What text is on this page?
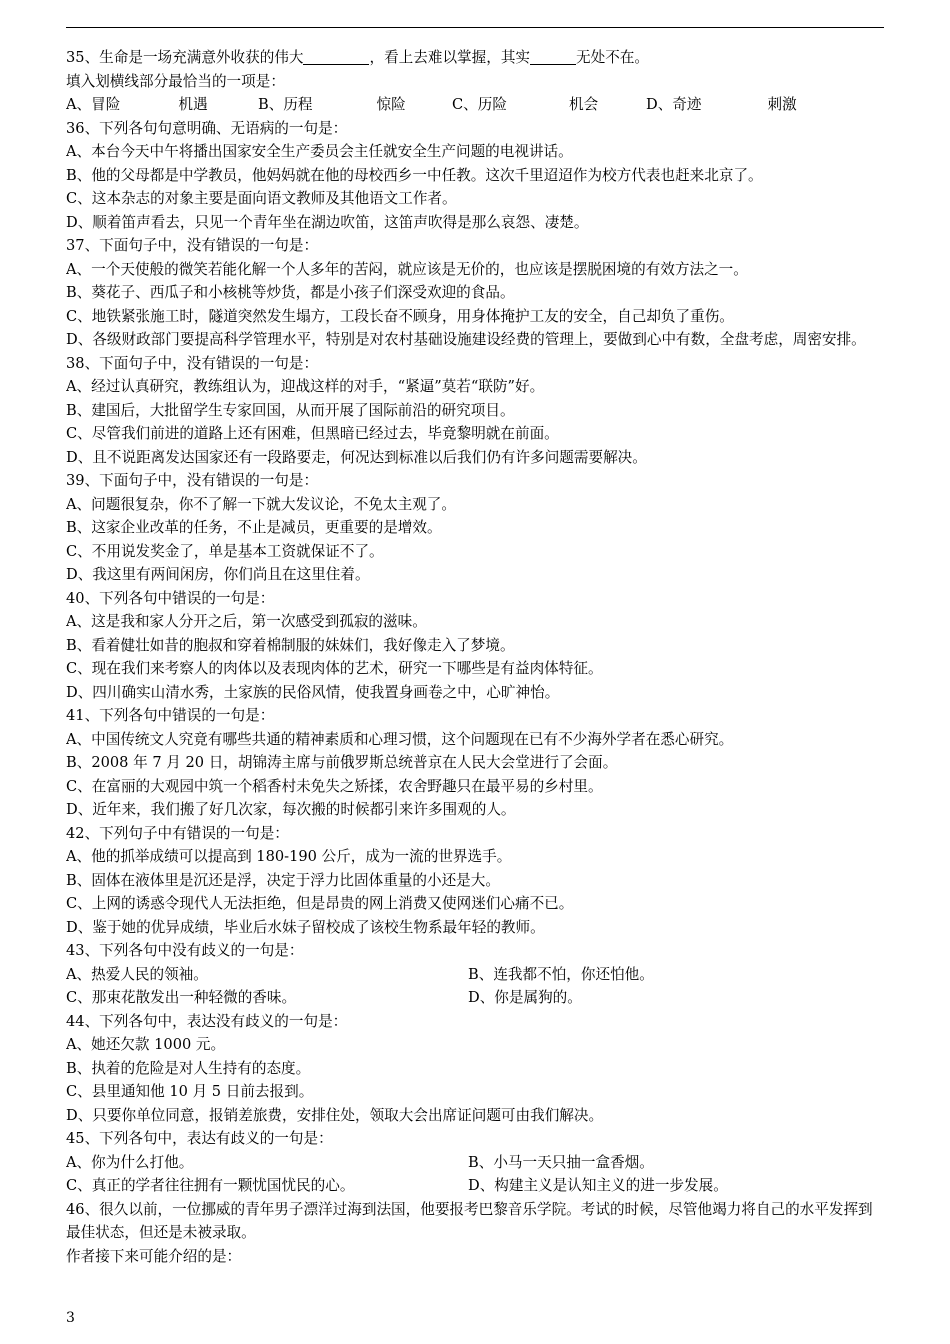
35、生命是一场充满意外收获的伟大	，看上去难以掌握，其实	无处不在。
填入划横线部分最恰当的一项是：
A、 冒险	机遇	B、 历程	惊险	C、 历险	机会	D、 奇迹	刺激
36、下列各句句意明确、无语病的一句是：
A、本台今天中午将播出国家安全生产委员会主任就安全生产问题的电视讲话。
B、他的父母都是中学教员，他妈妈就在他的母校西乡一中任教。这次千里迢迢作为校方代表也赶来北京了。
C、这本杂志的对象主要是面向语文教师及其他语文工作者。
D、顺着笛声看去，只见一个青年坐在湖边吹笛，这笛声吹得是那么哀怨、凄楚。
37、下面句子中，没有错误的一句是：
A、一个天使般的微笑若能化解一个人多年的苦闷，就应该是无价的，也应该是摆脱困境的有效方法之一。
B、葵花子、西瓜子和小核桃等炒货，都是小孩子们深受欢迎的食品。
C、地铁紧张施工时，隧道突然发生塌方，工段长奋不顾身，用身体掩护工友的安全，自己却负了重伤。
D、各级财政部门要提高科学管理水平，特别是对农村基础设施建设经费的管理上，要做到心中有数，全盘考虑，周密安排。
38、下面句子中，没有错误的一句是：
A、经过认真研究，教练组认为，迎战这样的对手，“紧逼”莫若“联防”好。
B、建国后，大批留学生专家回国，从而开展了国际前沿的研究项目。
C、尽管我们前进的道路上还有困难，但黑暗已经过去，毕竟黎明就在前面。
D、且不说距离发达国家还有一段路要走，何况达到标准以后我们仍有许多问题需要解决。
39、下面句子中，没有错误的一句是：
A、问题很复杂，你不了解一下就大发议论，不免太主观了。
B、这家企业改革的任务，不止是减员，更重要的是增效。
C、不用说发奖金了，单是基本工资就保证不了。
D、我这里有两间闲房，你们尚且在这里住着。
40、下列各句中错误的一句是：
A、这是我和家人分开之后，第一次感受到孤寂的滋味。
B、看着健壮如昔的胞叔和穿着棉制服的妹妹们，我好像走入了梦境。
C、现在我们来考察人的肉体以及表现肉体的艺术，研究一下哪些是有益肉体特征。
D、四川确实山清水秀，土家族的民俗风情，使我置身画卷之中，心旷神怡。
41、下列各句中错误的一句是：
A、中国传统文人究竟有哪些共通的精神素质和心理习惯，这个问题现在已有不少海外学者在悉心研究。
B、2008 年 7 月 20 日，胡锦涛主席与前俄罗斯总统普京在人民大会堂进行了会面。
C、在富丽的大观园中筑一个稻香村未免失之矫揉，农舍野趣只在最平易的乡村里。
D、近年来，我们搬了好几次家，每次搬的时候都引来许多围观的人。
42、下列句子中有错误的一句是：
A、他的抓举成绩可以提高到 180-190 公斤，成为一流的世界选手。
B、固体在液体里是沉还是浮，决定于浮力比固体重量的小还是大。
C、上网的诱惑令现代人无法拒绝，但是昂贵的网上消费又使网迷们心痛不已。
D、鉴于她的优异成绩，毕业后水妹子留校成了该校生物系最年轻的教师。
43、下列各句中没有歧义的一句是：
A、热爱人民的领袖。	B、连我都不怕，你还怕他。
C、那束花散发出一种轻微的香味。	D、你是属狗的。
44、下列各句中，表达没有歧义的一句是：
A、她还欠款 1000 元。
B、执着的危险是对人生持有的态度。
C、县里通知他 10 月 5 日前去报到。
D、只要你单位同意，报销差旅费，安排住处，领取大会出席证问题可由我们解决。
45、下列各句中，表达有歧义的一句是：
A、你为什么打他。	B、小马一天只抽一盒香烟。
C、真正的学者往往拥有一颗忧国忧民的心。	D、构建主义是认知主义的进一步发展。
46、很久以前，一位挪威的青年男子漂洋过海到法国，他要报考巴黎音乐学院。考试的时候，尽管他竭力将自己的水平发挥到最佳状态，但还是未被录取。
作者接下来可能介绍的是：
3
